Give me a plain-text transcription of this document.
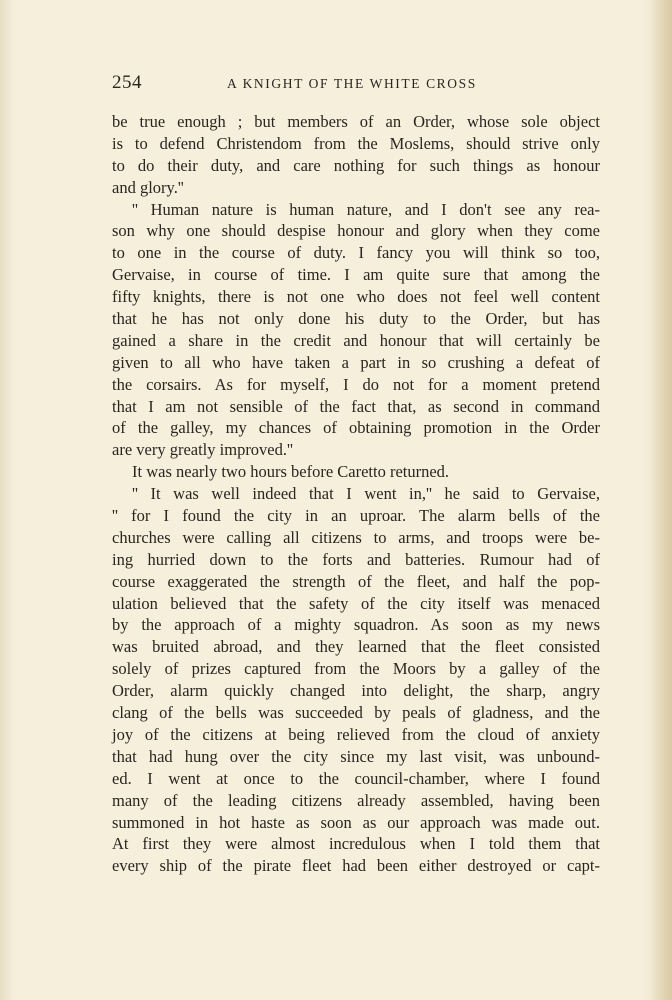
254	A KNIGHT OF THE WHITE CROSS
be true enough ; but members of an Order, whose sole object
is to defend Christendom from the Moslems, should strive only
to do their duty, and care nothing for such things as honour
and glory.''
'' Human nature is human nature, and I don't see any rea-
son why one should despise honour and glory when they come
to one in the course of duty. I fancy you will think so too,
Gervaise, in course of time. I am quite sure that among the
fifty knights, there is not one who does not feel well content
that he has not only done his duty to the Order, but has
gained a share in the credit and honour that will certainly be
given to all who have taken a part in so crushing a defeat of
the corsairs. As for myself, I do not for a moment pretend
that I am not sensible of the fact that, as second in command
of the galley, my chances of obtaining promotion in the Order
are very greatly improved.''
It was nearly two hours before Caretto returned.
'' It was well indeed that I went in,'' he said to Gervaise,
'' for I found the city in an uproar. The alarm bells of the
churches were calling all citizens to arms, and troops were be-
ing hurried down to the forts and batteries. Rumour had of
course exaggerated the strength of the fleet, and half the pop-
ulation believed that the safety of the city itself was menaced
by the approach of a mighty squadron. As soon as my news
was bruited abroad, and they learned that the fleet consisted
solely of prizes captured from the Moors by a galley of the
Order, alarm quickly changed into delight, the sharp, angry
clang of the bells was succeeded by peals of gladness, and the
joy of the citizens at being relieved from the cloud of anxiety
that had hung over the city since my last visit, was unbound-
ed. I went at once to the council-chamber, where I found
many of the leading citizens already assembled, having been
summoned in hot haste as soon as our approach was made out.
At first they were almost incredulous when I told them that
every ship of the pirate fleet had been either destroyed or capt-
